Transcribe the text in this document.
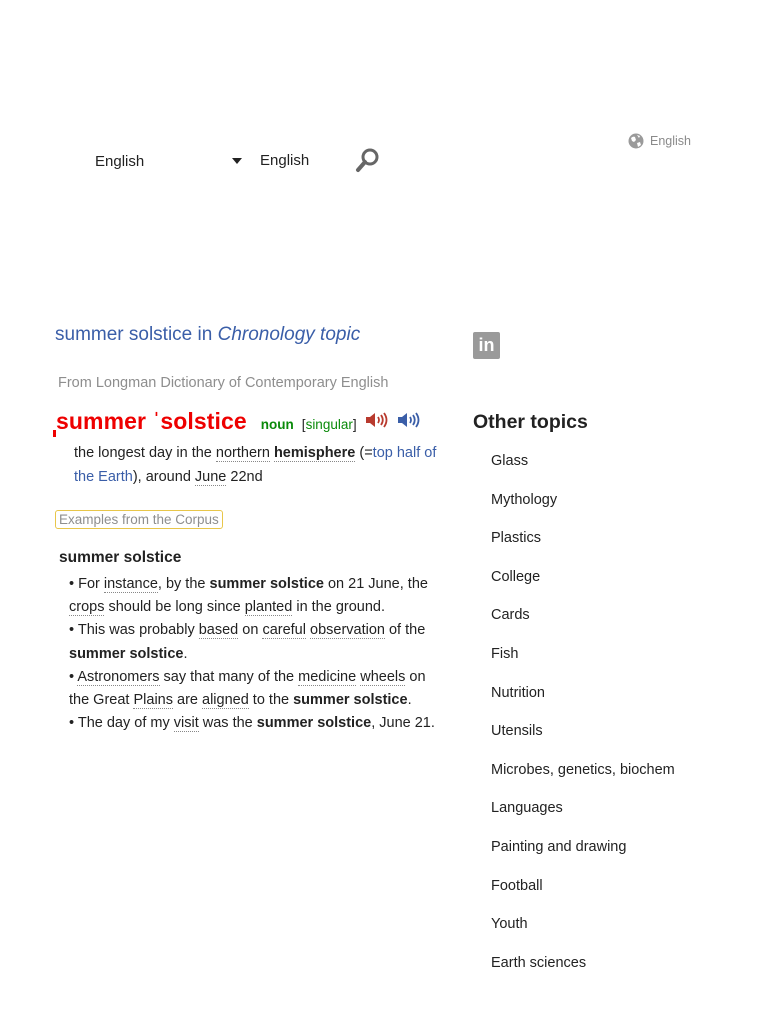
English	English
English
summer solstice in Chronology topic
From Longman Dictionary of Contemporary English
summer ˈsolstice noun [singular]
the longest day in the northern hemisphere (=top half of the Earth), around June 22nd
Examples from the Corpus
summer solstice

• For instance, by the summer solstice on 21 June, the crops should be long since planted in the ground.

• This was probably based on careful observation of the summer solstice.

• Astronomers say that many of the medicine wheels on the Great Plains are aligned to the summer solstice.

• The day of my visit was the summer solstice, June 21.

in
Other topics
Glass
Mythology
Plastics
College
Cards
Fish
Nutrition
Utensils
Microbes, genetics, biochem
Languages
Painting and drawing
Football
Youth
Earth sciences
